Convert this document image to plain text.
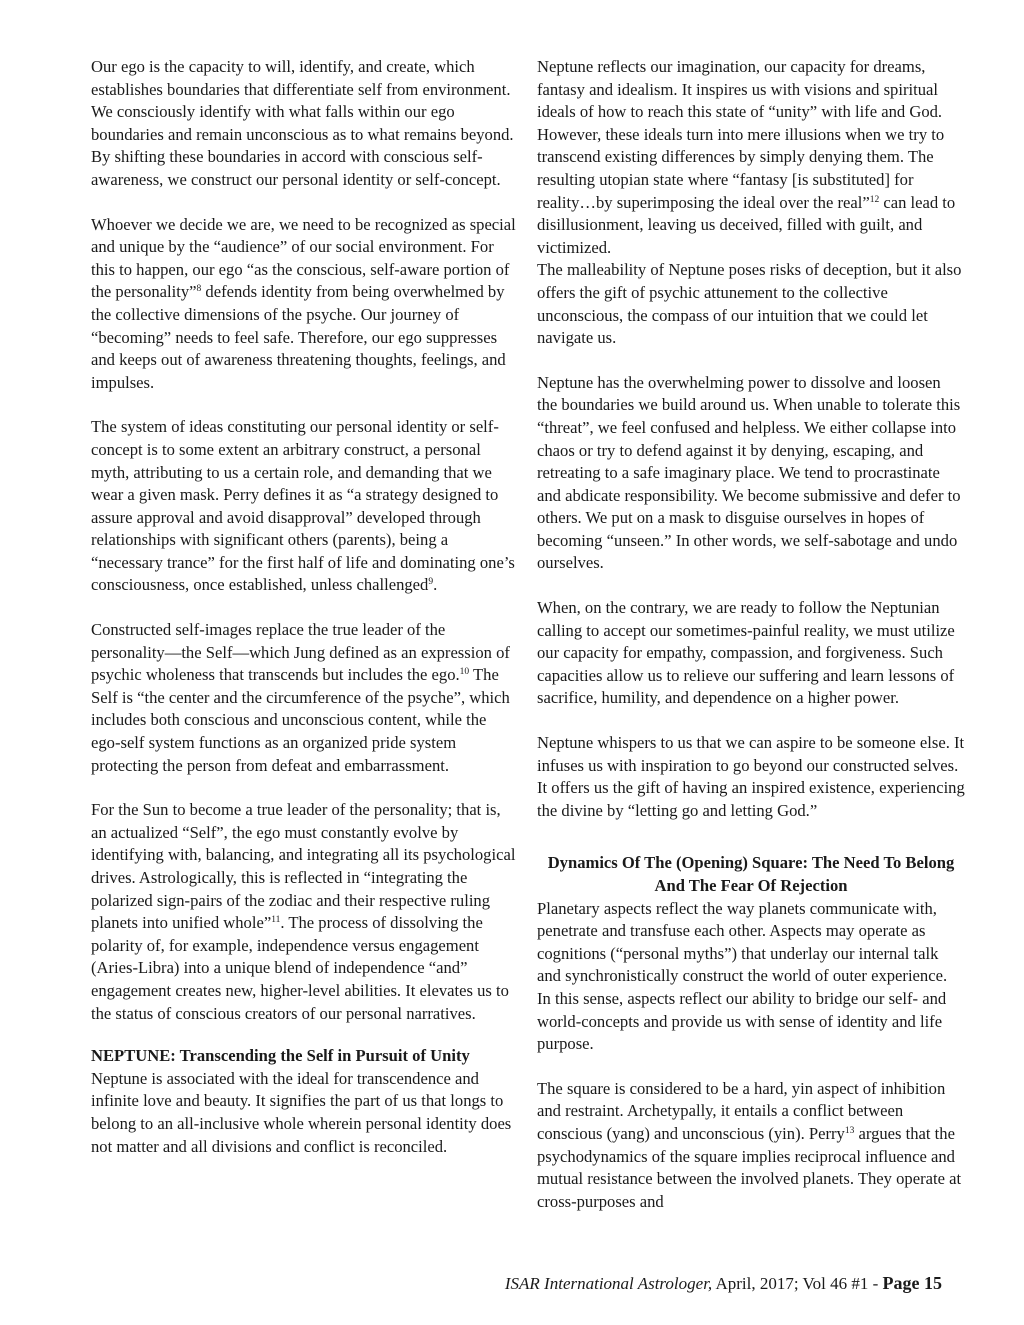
Our ego is the capacity to will, identify, and create, which establishes boundaries that differentiate self from environment. We consciously identify with what falls within our ego boundaries and remain unconscious as to what remains beyond. By shifting these boundaries in accord with conscious self-awareness, we construct our personal identity or self-concept.

Whoever we decide we are, we need to be recognized as special and unique by the “audience” of our social environment. For this to happen, our ego “as the conscious, self-aware portion of the personality”$^8$ defends identity from being overwhelmed by the collective dimensions of the psyche. Our journey of “becoming” needs to feel safe. Therefore, our ego suppresses and keeps out of awareness threatening thoughts, feelings, and impulses.

The system of ideas constituting our personal identity or self-concept is to some extent an arbitrary construct, a personal myth, attributing to us a certain role, and demanding that we wear a given mask. Perry defines it as “a strategy designed to assure approval and avoid disapproval” developed through relationships with significant others (parents), being a “necessary trance” for the first half of life and dominating one’s consciousness, once established, unless challenged$^9$.

Constructed self-images replace the true leader of the personality—the Self—which Jung defined as an expression of psychic wholeness that transcends but includes the ego.$^{10}$ The Self is “the center and the circumference of the psyche”, which includes both conscious and unconscious content, while the ego-self system functions as an organized pride system protecting the person from defeat and embarrassment.

For the Sun to become a true leader of the personality; that is, an actualized “Self”, the ego must constantly evolve by identifying with, balancing, and integrating all its psychological drives. Astrologically, this is reflected in “integrating the polarized sign-pairs of the zodiac and their respective ruling planets into unified whole”$^{11}$. The process of dissolving the polarity of, for example, independence versus engagement (Aries-Libra) into a unique blend of independence “and” engagement creates new, higher-level abilities. It elevates us to the status of conscious creators of our personal narratives.

NEPTUNE: Transcending the Self in Pursuit of Unity

Neptune is associated with the ideal for transcendence and infinite love and beauty. It signifies the part of us that longs to belong to an all-inclusive whole wherein personal identity does not matter and all divisions and conflict is reconciled.

Neptune reflects our imagination, our capacity for dreams, fantasy and idealism. It inspires us with visions and spiritual ideals of how to reach this state of “unity” with life and God. However, these ideals turn into mere illusions when we try to transcend existing differences by simply denying them. The resulting utopian state where “fantasy [is substituted] for reality…by superimposing the ideal over the real”$^{12}$ can lead to disillusionment, leaving us deceived, filled with guilt, and victimized.

The malleability of Neptune poses risks of deception, but it also offers the gift of psychic attunement to the collective unconscious, the compass of our intuition that we could let navigate us.

Neptune has the overwhelming power to dissolve and loosen the boundaries we build around us. When unable to tolerate this “threat”, we feel confused and helpless. We either collapse into chaos or try to defend against it by denying, escaping, and retreating to a safe imaginary place. We tend to procrastinate and abdicate responsibility. We become submissive and defer to others. We put on a mask to disguise ourselves in hopes of becoming “unseen.” In other words, we self-sabotage and undo ourselves.

When, on the contrary, we are ready to follow the Neptunian calling to accept our sometimes-painful reality, we must utilize our capacity for empathy, compassion, and forgiveness. Such capacities allow us to relieve our suffering and learn lessons of sacrifice, humility, and dependence on a higher power.

Neptune whispers to us that we can aspire to be someone else. It infuses us with inspiration to go beyond our constructed selves. It offers us the gift of having an inspired existence, experiencing the divine by “letting go and letting God.”

Dynamics Of The (Opening) Square: The Need To Belong And The Fear Of Rejection

Planetary aspects reflect the way planets communicate with, penetrate and transfuse each other. Aspects may operate as cognitions (“personal myths”) that underlay our internal talk and synchronistically construct the world of outer experience. In this sense, aspects reflect our ability to bridge our self- and world-concepts and provide us with sense of identity and life purpose.

The square is considered to be a hard, yin aspect of inhibition and restraint. Archetypally, it entails a conflict between conscious (yang) and unconscious (yin). Perry$^{13}$ argues that the psychodynamics of the square implies reciprocal influence and mutual resistance between the involved planets. They operate at cross-purposes and

ISAR International Astrologer, April, 2017; Vol 46 #1 - Page 15
